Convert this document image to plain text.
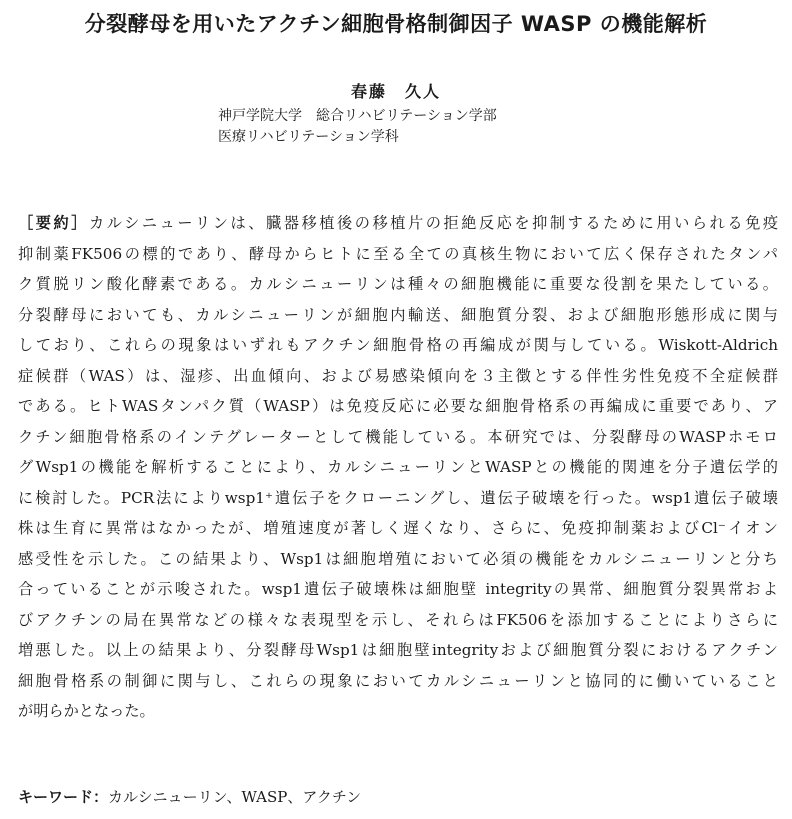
分裂酵母を用いたアクチン細胞骨格制御因子 WASP の機能解析
春藤　久人
神戸学院大学　総合リハビリテーション学部
医療リハビリテーション学科
［要約］カルシニューリンは、臓器移植後の移植片の拒絶反応を抑制するために用いられる免疫
抑制薬FK506の標的であり、酵母からヒトに至る全ての真核生物において広く保存されたタンパ
ク質脱リン酸化酵素である。カルシニューリンは種々の細胞機能に重要な役割を果たしている。
分裂酵母においても、カルシニューリンが細胞内輸送、細胞質分裂、および細胞形態形成に関与
しており、これらの現象はいずれもアクチン細胞骨格の再編成が関与している。Wiskott-Aldrich
症候群（WAS）は、湿疹、出血傾向、および易感染傾向を３主徴とする伴性劣性免疫不全症候群
である。ヒトWASタンパク質（WASP）は免疫反応に必要な細胞骨格系の再編成に重要であり、ア
クチン細胞骨格系のインテグレーターとして機能している。本研究では、分裂酵母のWASPホモロ
グWsp1の機能を解析することにより、カルシニューリンとWASPとの機能的関連を分子遺伝学的
に検討した。PCR法によりwsp1⁺遺伝子をクローニングし、遺伝子破壊を行った。wsp1遺伝子破壊
株は生育に異常はなかったが、増殖速度が著しく遅くなり、さらに、免疫抑制薬およびCl⁻イオン
感受性を示した。この結果より、Wsp1は細胞増殖において必須の機能をカルシニューリンと分ち
合っていることが示唆された。wsp1遺伝子破壊株は細胞壁 integrityの異常、細胞質分裂異常およ
びアクチンの局在異常などの様々な表現型を示し、それらはFK506を添加することによりさらに
増悪した。以上の結果より、分裂酵母Wsp1は細胞壁integrityおよび細胞質分裂におけるアクチン
細胞骨格系の制御に関与し、これらの現象においてカルシニューリンと協同的に働いていること
が明らかとなった。
キーワード：カルシニューリン、WASP、アクチン
